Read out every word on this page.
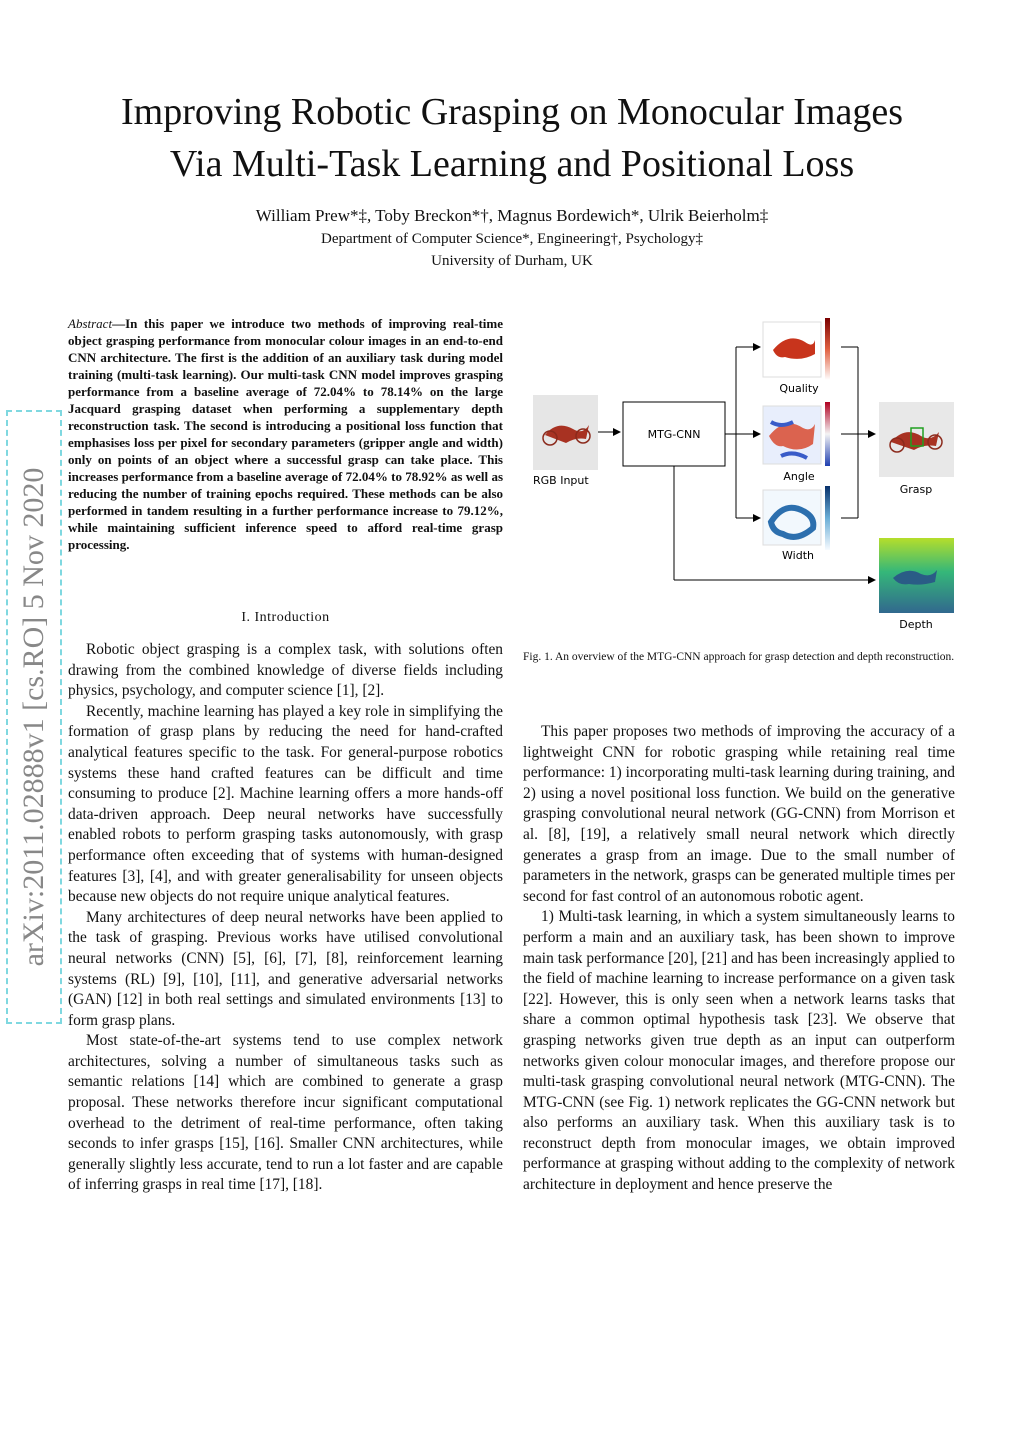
Improving Robotic Grasping on Monocular Images
Via Multi-Task Learning and Positional Loss
William Prew*‡, Toby Breckon*†, Magnus Bordewich*, Ulrik Beierholm‡
Department of Computer Science*, Engineering†, Psychology‡
University of Durham, UK
arXiv:2011.02888v1 [cs.RO] 5 Nov 2020
Abstract—In this paper we introduce two methods of improving real-time object grasping performance from monocular colour images in an end-to-end CNN architecture. The first is the addition of an auxiliary task during model training (multi-task learning). Our multi-task CNN model improves grasping performance from a baseline average of 72.04% to 78.14% on the large Jacquard grasping dataset when performing a supplementary depth reconstruction task. The second is introducing a positional loss function that emphasises loss per pixel for secondary parameters (gripper angle and width) only on points of an object where a successful grasp can take place. This increases performance from a baseline average of 72.04% to 78.92% as well as reducing the number of training epochs required. These methods can be also performed in tandem resulting in a further performance increase to 79.12%, while maintaining sufficient inference speed to afford real-time grasp processing.
I. Introduction

Robotic object grasping is a complex task, with solutions often drawing from the combined knowledge of diverse fields including physics, psychology, and computer science [1], [2].

Recently, machine learning has played a key role in simplifying the formation of grasp plans by reducing the need for hand-crafted analytical features specific to the task. For general-purpose robotics systems these hand crafted features can be difficult and time consuming to produce [2]. Machine learning offers a more hands-off data-driven approach. Deep neural networks have successfully enabled robots to perform grasping tasks autonomously, with grasp performance often exceeding that of systems with human-designed features [3], [4], and with greater generalisability for unseen objects because new objects do not require unique analytical features.

Many architectures of deep neural networks have been applied to the task of grasping. Previous works have utilised convolutional neural networks (CNN) [5], [6], [7], [8], reinforcement learning systems (RL) [9], [10], [11], and generative adversarial networks (GAN) [12] in both real settings and simulated environments [13] to form grasp plans.

Most state-of-the-art systems tend to use complex network architectures, solving a number of simultaneous tasks such as semantic relations [14] which are combined to generate a grasp proposal. These networks therefore incur significant computational overhead to the detriment of real-time performance, often taking seconds to infer grasps [15], [16]. Smaller CNN architectures, while generally slightly less accurate, tend to run a lot faster and are capable of inferring grasps in real time [17], [18].

RGB Input
MTG-CNN
Quality
Angle
Width
Grasp
Depth
Fig. 1. An overview of the MTG-CNN approach for grasp detection and depth reconstruction.

This paper proposes two methods of improving the accuracy of a lightweight CNN for robotic grasping while retaining real time performance: 1) incorporating multi-task learning during training, and 2) using a novel positional loss function. We build on the generative grasping convolutional neural network (GG-CNN) from Morrison et al. [8], [19], a relatively small neural network which directly generates a grasp from an image. Due to the small number of parameters in the network, grasps can be generated multiple times per second for fast control of an autonomous robotic agent.

1) Multi-task learning, in which a system simultaneously learns to perform a main and an auxiliary task, has been shown to improve main task performance [20], [21] and has been increasingly applied to the field of machine learning to increase performance on a given task [22]. However, this is only seen when a network learns tasks that share a common optimal hypothesis task [23]. We observe that grasping networks given true depth as an input can outperform networks given colour monocular images, and therefore propose our multi-task grasping convolutional neural network (MTG-CNN). The MTG-CNN (see Fig. 1) network replicates the GG-CNN network but also performs an auxiliary task. When this auxiliary task is to reconstruct depth from monocular images, we obtain improved performance at grasping without adding to the complexity of network architecture in deployment and hence preserve the
